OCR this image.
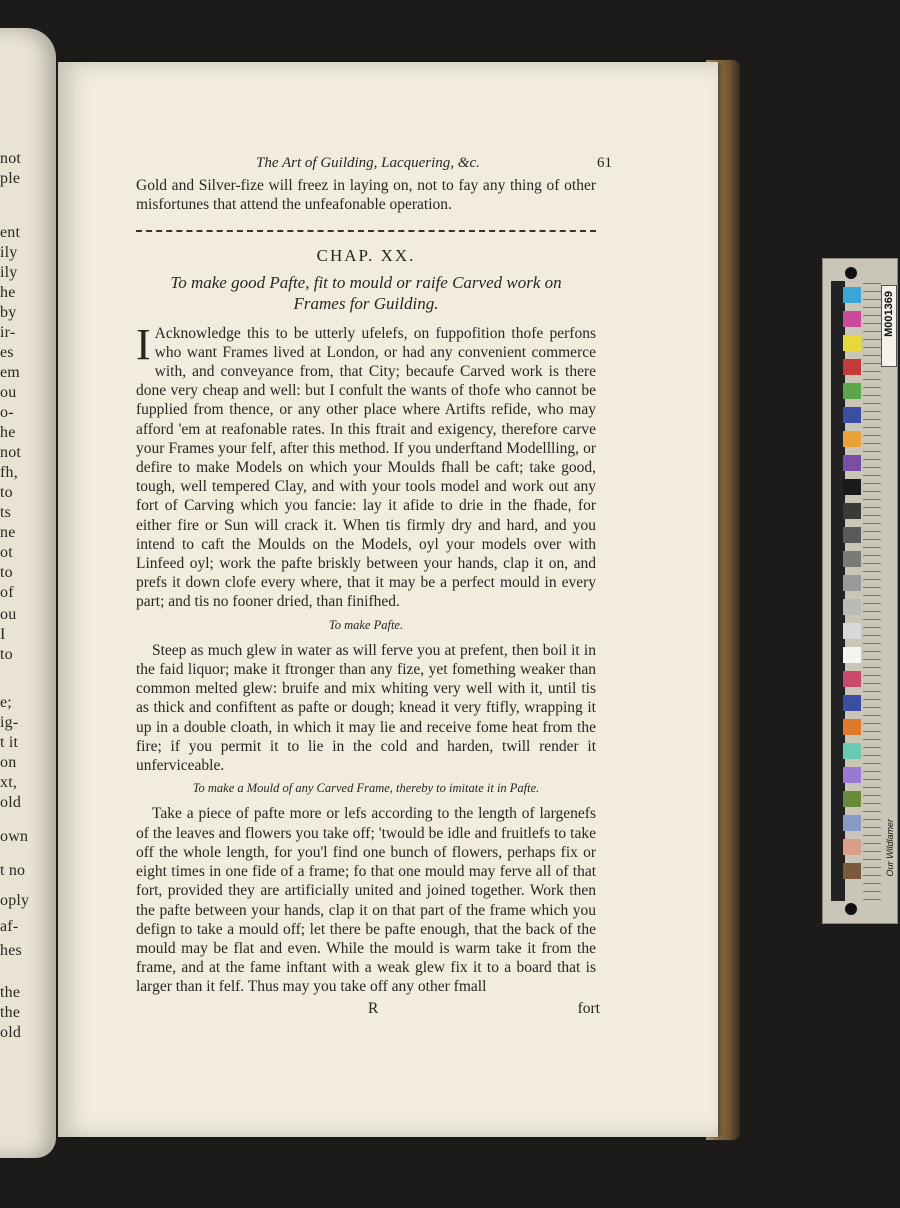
not
ple
ent
ily
ily
he
by
ir-
es
em
ou
o-
he
not
fh,
to
ts
ne
ot
to
of
ou
I
to
e;
ig-
t it
on
xt,
old
own
t no
oply
af-
hes
the
the
old
The Art of Guilding, Lacquering, &c.	61

Gold and Silver-fize will freez in laying on, not to fay any thing of other misfortunes that attend the unfeafonable operation.

CHAP. XX.
To make good Pafte, fit to mould or raife Carved work on Frames for Guilding.

I Acknowledge this to be utterly ufelefs, on fuppofition thofe perfons who want Frames lived at London, or had any convenient commerce with, and conveyance from, that City; becaufe Carved work is there done very cheap and well: but I confult the wants of thofe who cannot be fupplied from thence, or any other place where Artifts refide, who may afford 'em at reafonable rates. In this ftrait and exigency, therefore carve your Frames your felf, after this method. If you underftand Modellling, or defire to make Models on which your Moulds fhall be caft; take good, tough, well tempered Clay, and with your tools model and work out any fort of Carving which you fancie: lay it afide to drie in the fhade, for either fire or Sun will crack it. When tis firmly dry and hard, and you intend to caft the Moulds on the Models, oyl your models over with Linfeed oyl; work the pafte briskly between your hands, clap it on, and prefs it down clofe every where, that it may be a perfect mould in every part; and tis no fooner dried, than finifhed.

To make Pafte.

Steep as much glew in water as will ferve you at prefent, then boil it in the faid liquor; make it ftronger than any fize, yet fomething weaker than common melted glew: bruife and mix whiting very well with it, until tis as thick and confiftent as pafte or dough; knead it very ftifly, wrapping it up in a double cloath, in which it may lie and receive fome heat from the fire; if you permit it to lie in the cold and harden, twill render it unferviceable.

To make a Mould of any Carved Frame, thereby to imitate it in Pafte.

Take a piece of pafte more or lefs according to the length of largenefs of the leaves and flowers you take off; 'twould be idle and fruitlefs to take off the whole length, for you'l find one bunch of flowers, perhaps fix or eight times in one fide of a frame; fo that one mould may ferve all of that fort, provided they are artificially united and joined together. Work then the pafte between your hands, clap it on that part of the frame which you defign to take a mould off; let there be pafte enough, that the back of the mould may be flat and even. While the mould is warm take it from the frame, and at the fame inftant with a weak glew fix it to a board that is larger than it felf. Thus may you take off any other fmall

R	fort
M001369
Our Wildlamer
